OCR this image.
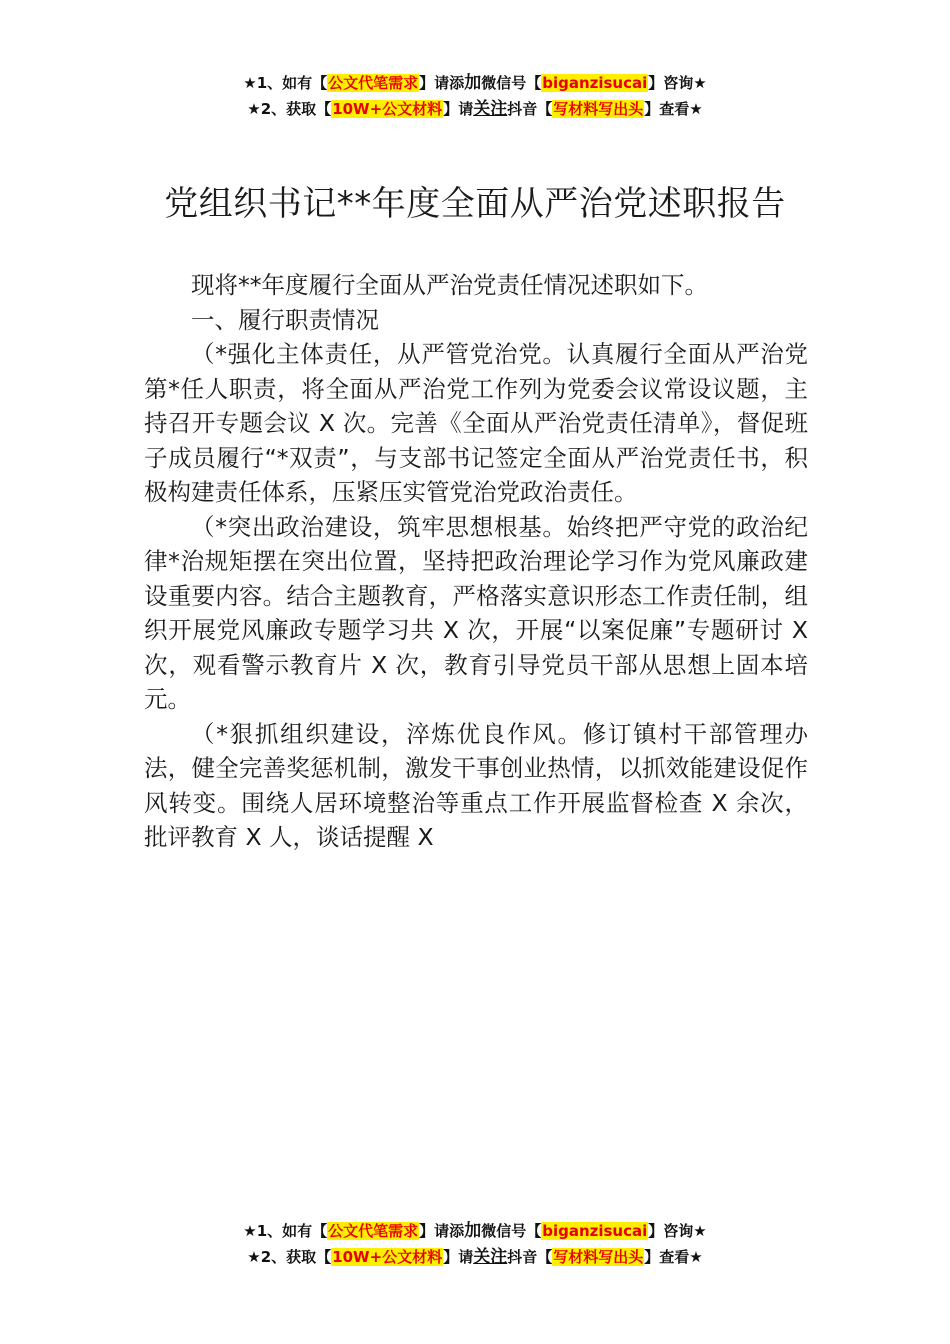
★1、如有【公文代笔需求】请添加微信号【biganzisucai】咨询★
★2、获取【10W+公文材料】请关注抖音【写材料写出头】查看★
党组织书记**年度全面从严治党述职报告

现将**年度履行全面从严治党责任情况述职如下。

一、履行职责情况

（*强化主体责任，从严管党治党。认真履行全面从严治党第*任人职责，将全面从严治党工作列为党委会议常设议题，主持召开专题会议 X 次。完善《全面从严治党责任清单》，督促班子成员履行“*双责”，与支部书记签定全面从严治党责任书，积极构建责任体系，压紧压实管党治党政治责任。

（*突出政治建设，筑牢思想根基。始终把严守党的政治纪律*治规矩摆在突出位置，坚持把政治理论学习作为党风廉政建设重要内容。结合主题教育，严格落实意识形态工作责任制，组织开展党风廉政专题学习共 X 次，开展“以案促廉”专题研讨 X 次，观看警示教育片 X 次，教育引导党员干部从思想上固本培元。

（*狠抓组织建设，淬炼优良作风。修订镇村干部管理办法，健全完善奖惩机制，激发干事创业热情，以抓效能建设促作风转变。围绕人居环境整治等重点工作开展监督检查 X 余次，批评教育 X 人，谈话提醒 X

★1、如有【公文代笔需求】请添加微信号【biganzisucai】咨询★
★2、获取【10W+公文材料】请关注抖音【写材料写出头】查看★
